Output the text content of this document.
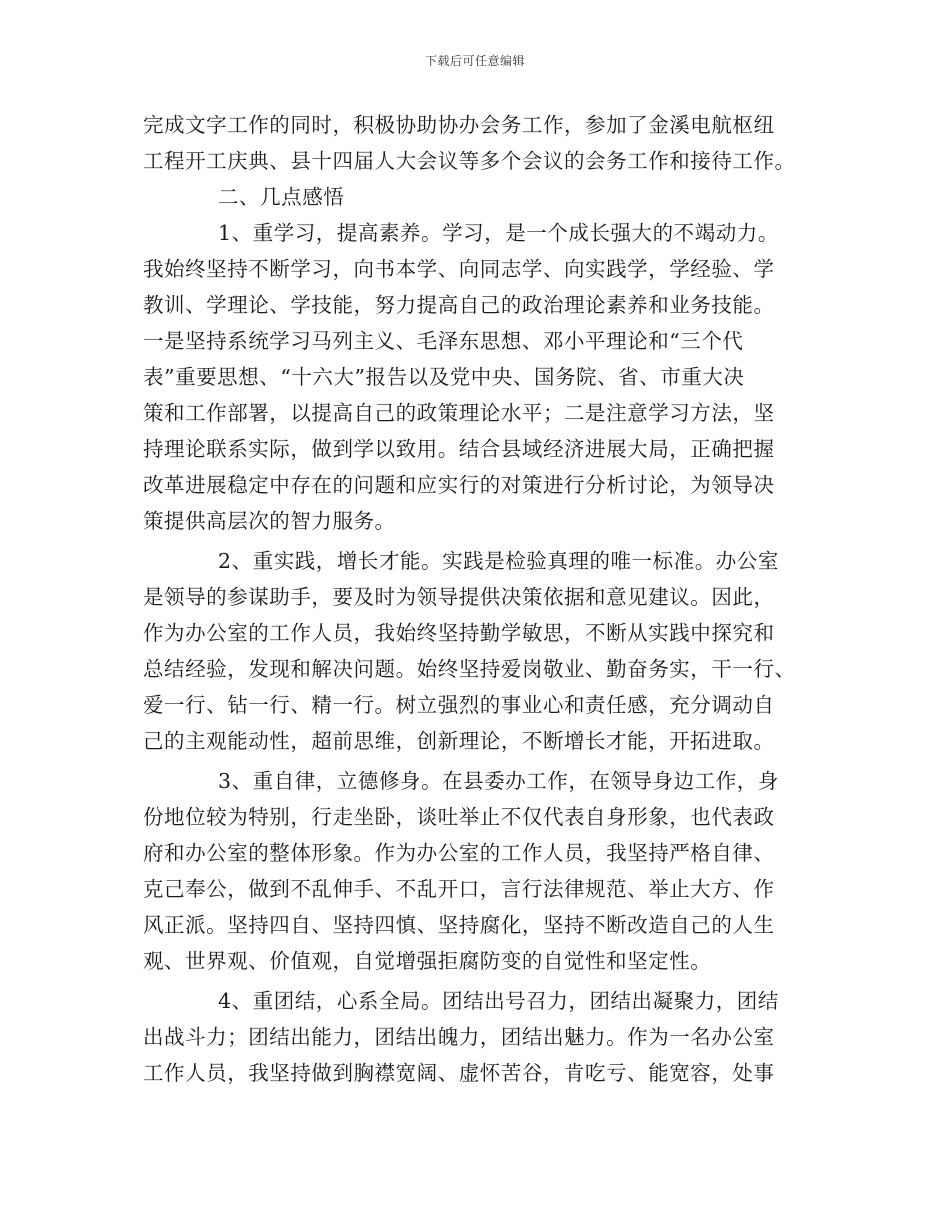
下载后可任意编辑
完成文字工作的同时，积极协助协办会务工作，参加了金溪电航枢纽
工程开工庆典、县十四届人大会议等多个会议的会务工作和接待工作。
二、几点感悟
1、重学习，提高素养。学习，是一个成长强大的不竭动力。
我始终坚持不断学习，向书本学、向同志学、向实践学，学经验、学
教训、学理论、学技能，努力提高自己的政治理论素养和业务技能。
一是坚持系统学习马列主义、毛泽东思想、邓小平理论和“三个代
表”重要思想、“十六大”报告以及党中央、国务院、省、市重大决
策和工作部署，以提高自己的政策理论水平；二是注意学习方法，坚
持理论联系实际，做到学以致用。结合县域经济进展大局，正确把握
改革进展稳定中存在的问题和应实行的对策进行分析讨论，为领导决
策提供高层次的智力服务。
2、重实践，增长才能。实践是检验真理的唯一标准。办公室
是领导的参谋助手，要及时为领导提供决策依据和意见建议。因此，
作为办公室的工作人员，我始终坚持勤学敏思，不断从实践中探究和
总结经验，发现和解决问题。始终坚持爱岗敬业、勤奋务实，干一行、
爱一行、钻一行、精一行。树立强烈的事业心和责任感，充分调动自
己的主观能动性，超前思维，创新理论，不断增长才能，开拓进取。
3、重自律，立德修身。在县委办工作，在领导身边工作，身
份地位较为特别，行走坐卧，谈吐举止不仅代表自身形象，也代表政
府和办公室的整体形象。作为办公室的工作人员，我坚持严格自律、
克己奉公，做到不乱伸手、不乱开口，言行法律规范、举止大方、作
风正派。坚持四自、坚持四慎、坚持腐化，坚持不断改造自己的人生
观、世界观、价值观，自觉增强拒腐防变的自觉性和坚定性。
4、重团结，心系全局。团结出号召力，团结出凝聚力，团结
出战斗力；团结出能力，团结出魄力，团结出魅力。作为一名办公室
工作人员，我坚持做到胸襟宽阔、虚怀苦谷，肯吃亏、能宽容，处事
